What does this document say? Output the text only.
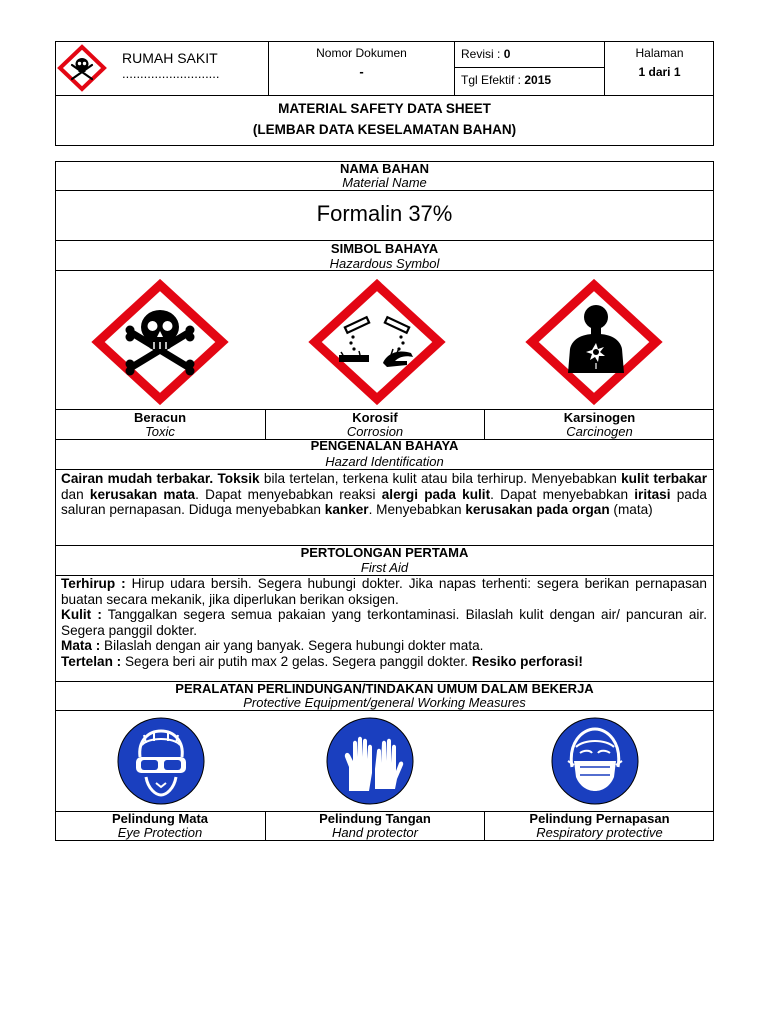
RUMAH SAKIT
...........................
Nomor Dokumen
-
Revisi : 0
Tgl Efektif : 2015
Halaman
1 dari 1
MATERIAL SAFETY DATA SHEET
(LEMBAR DATA KESELAMATAN BAHAN)
NAMA BAHAN
Material Name
Formalin 37%
SIMBOL BAHAYA
Hazardous Symbol
Beracun
Toxic
Korosif
Corrosion
Karsinogen
Carcinogen
PENGENALAN BAHAYA
Hazard Identification

Cairan mudah terbakar. Toksik bila tertelan, terkena kulit atau bila terhirup. Menyebabkan kulit terbakar dan kerusakan mata. Dapat menyebabkan reaksi alergi pada kulit. Dapat menyebabkan iritasi pada saluran pernapasan. Diduga menyebabkan kanker. Menyebabkan kerusakan pada organ (mata)

PERTOLONGAN PERTAMA
First Aid

Terhirup : Hirup udara bersih. Segera hubungi dokter. Jika napas terhenti: segera berikan pernapasan buatan secara mekanik, jika diperlukan berikan oksigen.

Kulit : Tanggalkan segera semua pakaian yang terkontaminasi. Bilaslah kulit dengan air/ pancuran air. Segera panggil dokter.

Mata : Bilaslah dengan air yang banyak. Segera hubungi dokter mata.

Tertelan : Segera beri air putih max 2 gelas. Segera panggil dokter. Resiko perforasi!

PERALATAN PERLINDUNGAN/TINDAKAN UMUM DALAM BEKERJA
Protective Equipment/general Working Measures
Pelindung Mata
Eye Protection
Pelindung Tangan
Hand protector
Pelindung Pernapasan
Respiratory protective
